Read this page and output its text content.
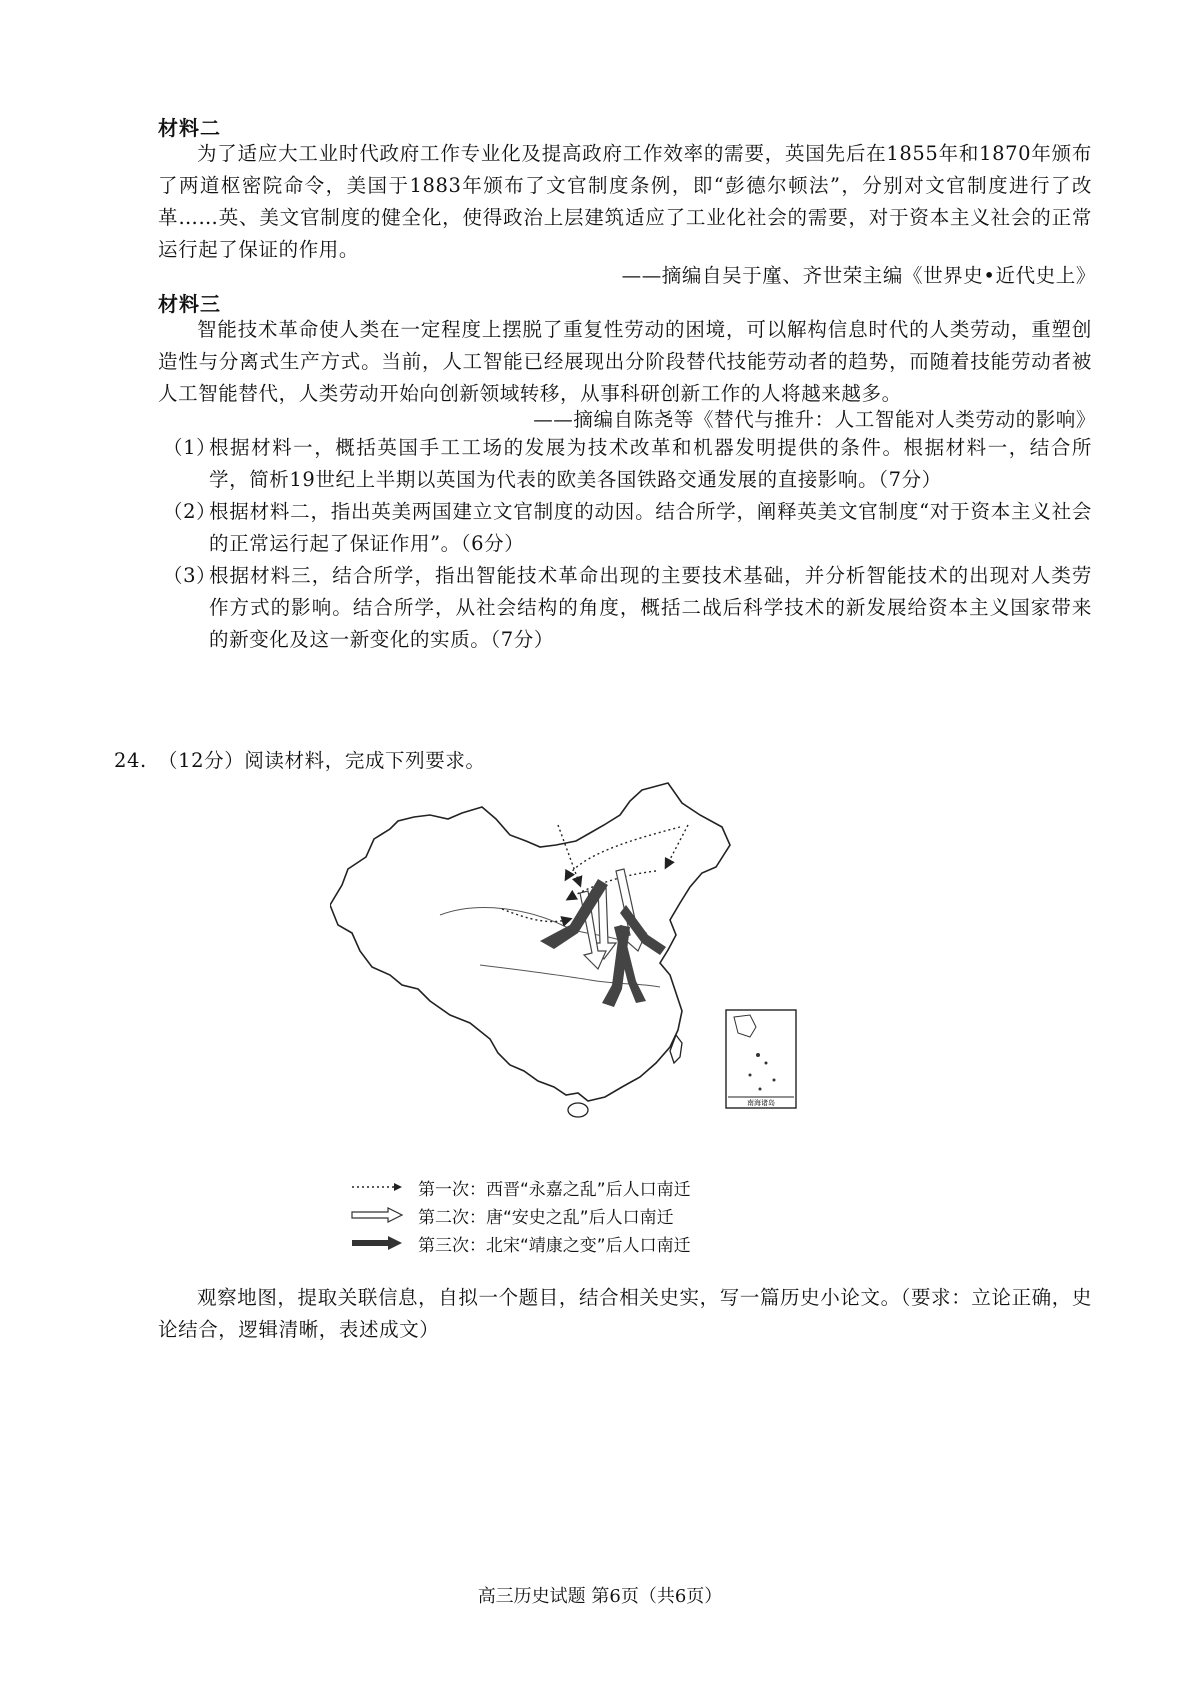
材料二
为了适应大工业时代政府工作专业化及提高政府工作效率的需要，英国先后在1855年和1870年颁布了两道枢密院命令，美国于1883年颁布了文官制度条例，即“彭德尔顿法”，分别对文官制度进行了改革……英、美文官制度的健全化，使得政治上层建筑适应了工业化社会的需要，对于资本主义社会的正常运行起了保证的作用。
——摘编自吴于廑、齐世荣主编《世界史•近代史上》
材料三
智能技术革命使人类在一定程度上摆脱了重复性劳动的困境，可以解构信息时代的人类劳动，重塑创造性与分离式生产方式。当前，人工智能已经展现出分阶段替代技能劳动者的趋势，而随着技能劳动者被人工智能替代，人类劳动开始向创新领域转移，从事科研创新工作的人将越来越多。
——摘编自陈尧等《替代与推升：人工智能对人类劳动的影响》
（1）
根据材料一，概括英国手工工场的发展为技术改革和机器发明提供的条件。根据材料一，结合所学，简析19世纪上半期以英国为代表的欧美各国铁路交通发展的直接影响。（7分）
（2）
根据材料二，指出英美两国建立文官制度的动因。结合所学，阐释英美文官制度“对于资本主义社会的正常运行起了保证作用”。（6分）
（3）
根据材料三，结合所学，指出智能技术革命出现的主要技术基础，并分析智能技术的出现对人类劳作方式的影响。结合所学，从社会结构的角度，概括二战后科学技术的新发展给资本主义国家带来的新变化及这一新变化的实质。（7分）
24. （12分）阅读材料，完成下列要求。
南海诸岛
第一次：西晋“永嘉之乱”后人口南迁
第二次：唐“安史之乱”后人口南迁
第三次：北宋“靖康之变”后人口南迁
观察地图，提取关联信息，自拟一个题目，结合相关史实，写一篇历史小论文。（要求：立论正确，史论结合，逻辑清晰，表述成文）
高三历史试题 第6页（共6页）
